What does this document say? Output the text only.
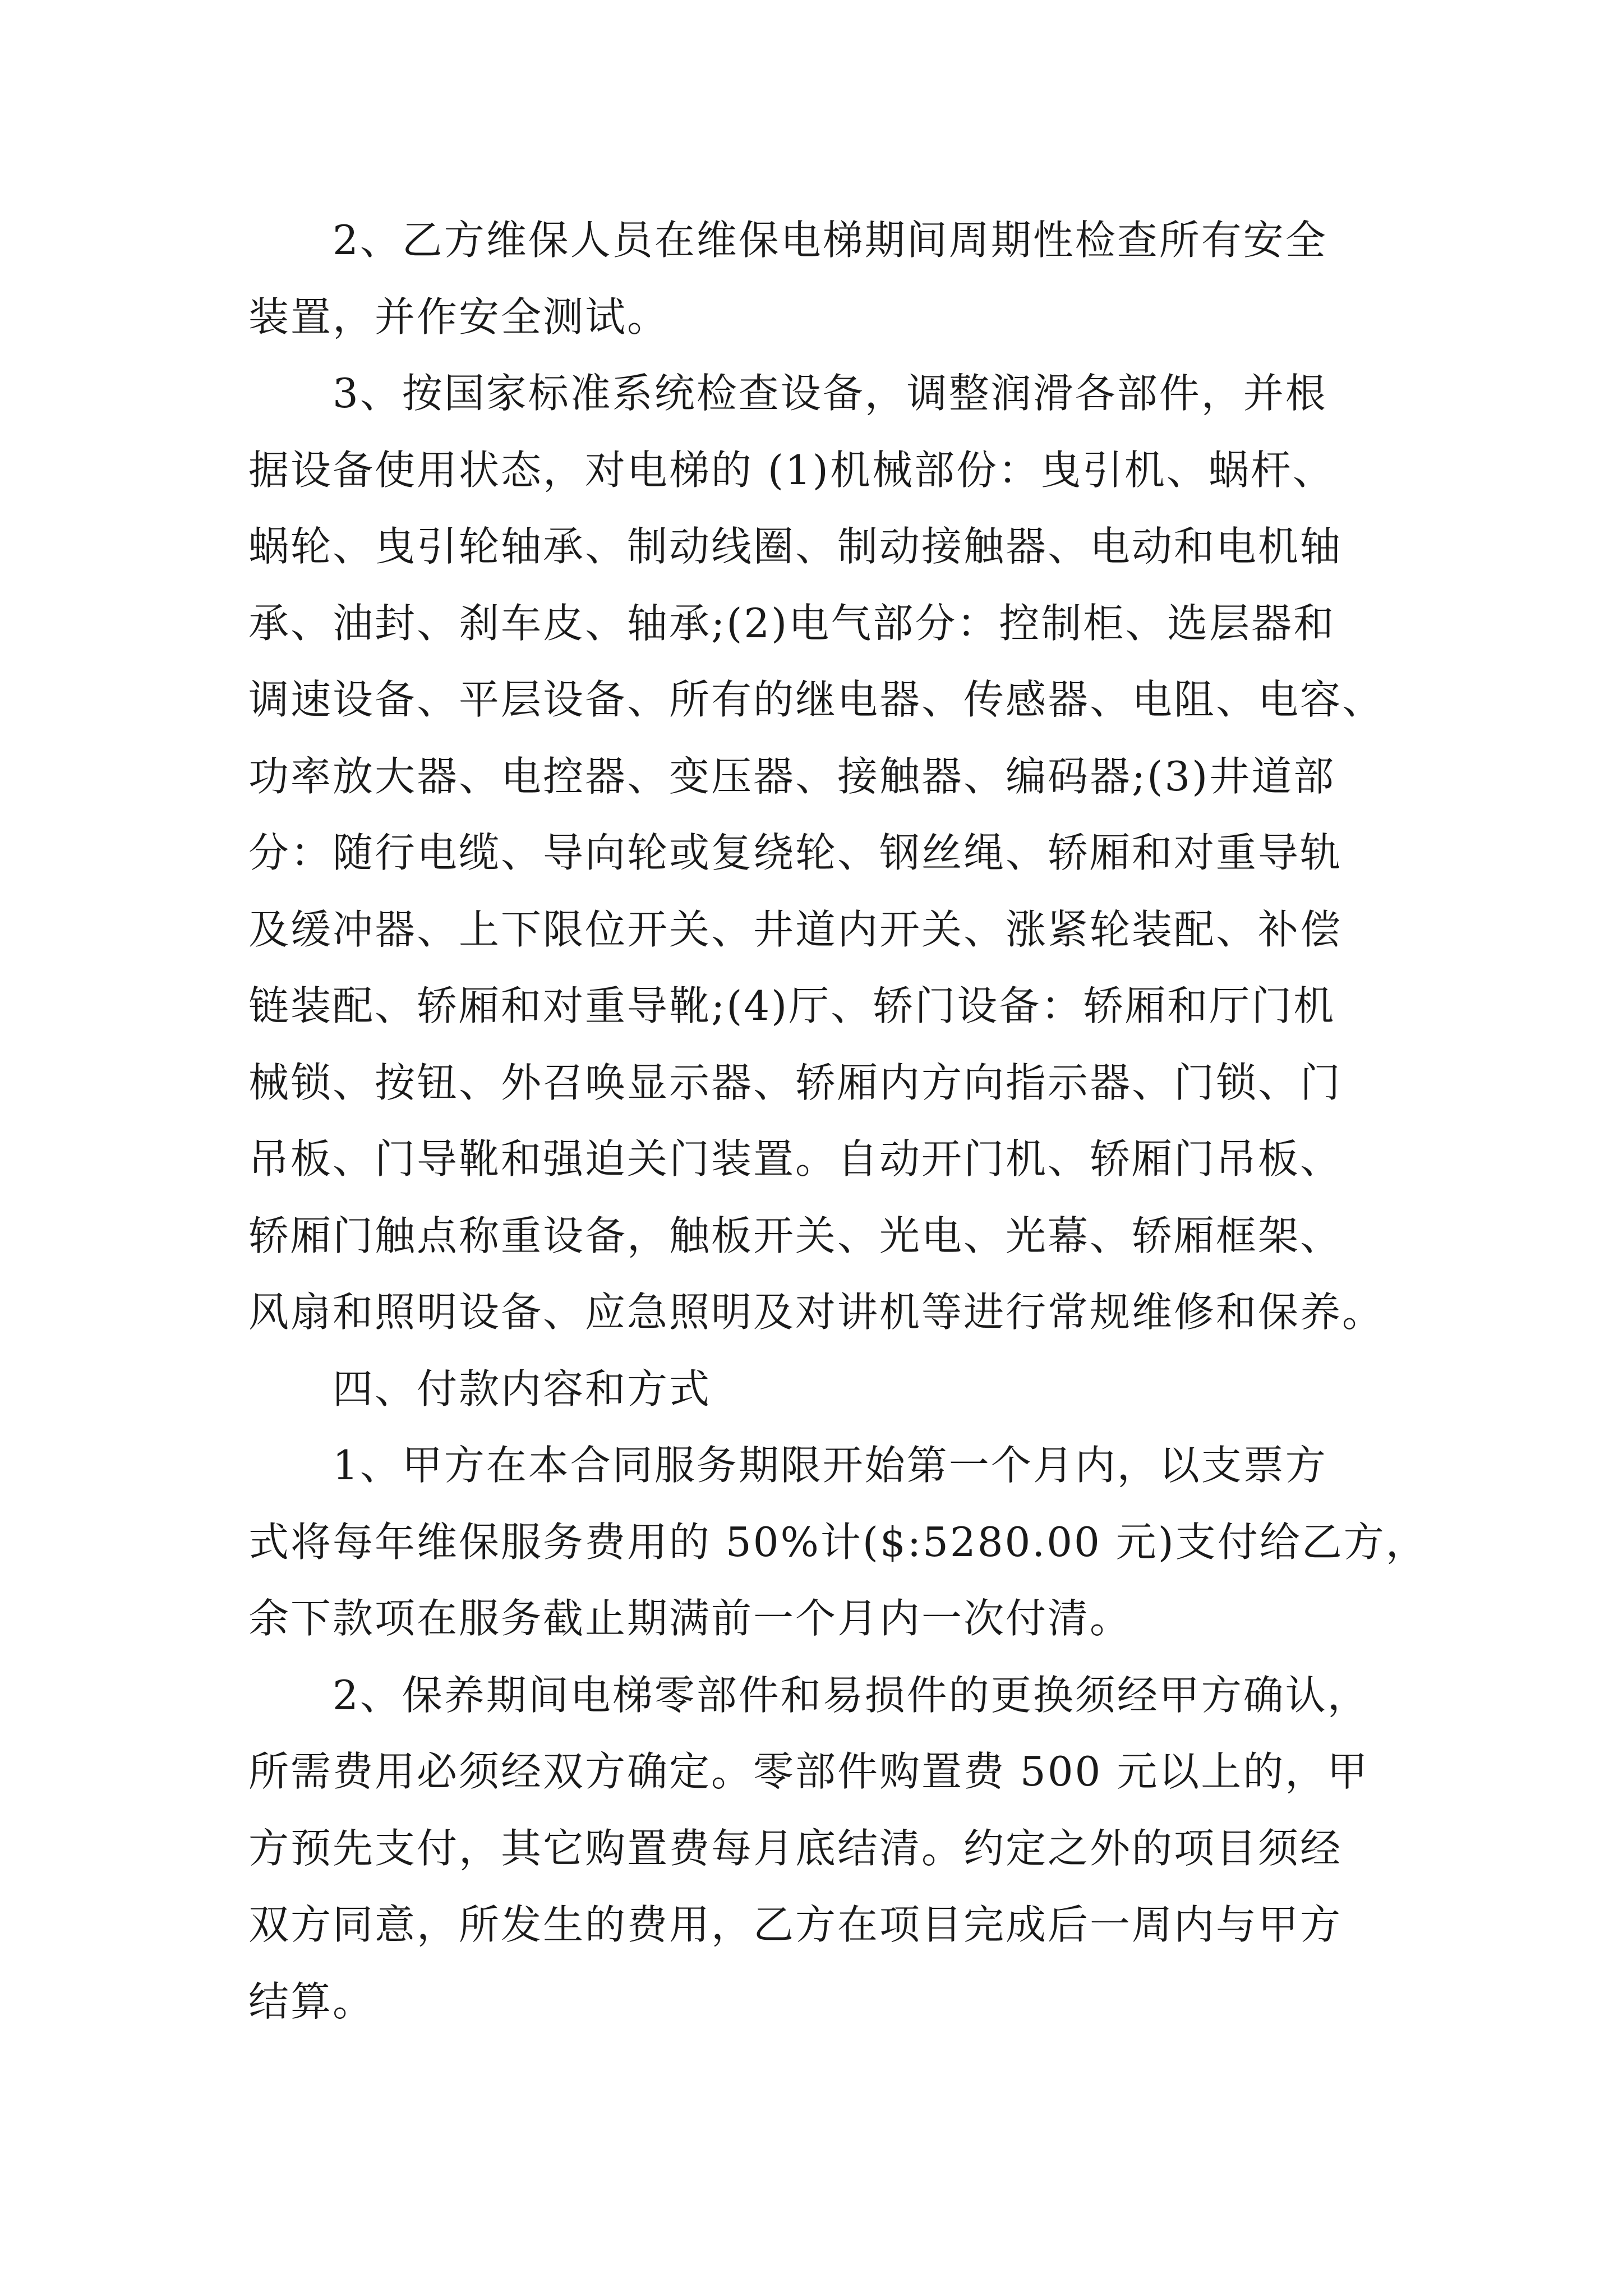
2、乙方维保人员在维保电梯期间周期性检查所有安全
装置，并作安全测试。
3、按国家标准系统检查设备，调整润滑各部件，并根
据设备使用状态，对电梯的 (1)机械部份：曳引机、蜗杆、
蜗轮、曳引轮轴承、制动线圈、制动接触器、电动和电机轴
承、油封、刹车皮、轴承;(2)电气部分：控制柜、选层器和
调速设备、平层设备、所有的继电器、传感器、电阻、电容、
功率放大器、电控器、变压器、接触器、编码器;(3)井道部
分：随行电缆、导向轮或复绕轮、钢丝绳、轿厢和对重导轨
及缓冲器、上下限位开关、井道内开关、涨紧轮装配、补偿
链装配、轿厢和对重导靴;(4)厅、轿门设备：轿厢和厅门机
械锁、按钮、外召唤显示器、轿厢内方向指示器、门锁、门
吊板、门导靴和强迫关门装置。自动开门机、轿厢门吊板、
轿厢门触点称重设备，触板开关、光电、光幕、轿厢框架、
风扇和照明设备、应急照明及对讲机等进行常规维修和保养。
四、付款内容和方式
1、甲方在本合同服务期限开始第一个月内，以支票方
式将每年维保服务费用的 50%计($:5280.00 元)支付给乙方，
余下款项在服务截止期满前一个月内一次付清。
2、保养期间电梯零部件和易损件的更换须经甲方确认，
所需费用必须经双方确定。零部件购置费 500 元以上的，甲
方预先支付，其它购置费每月底结清。约定之外的项目须经
双方同意，所发生的费用，乙方在项目完成后一周内与甲方
结算。
